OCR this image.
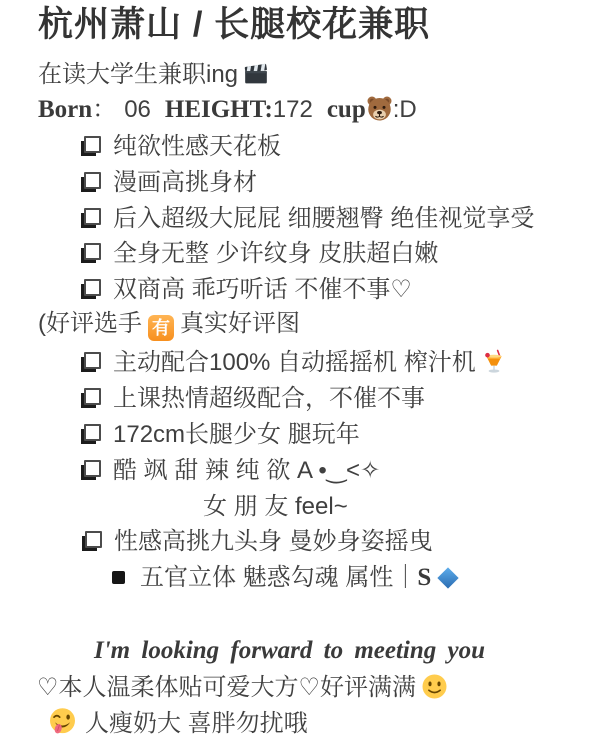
杭州萧山 / 长腿校花兼职
在读大学生兼职ing
Born： 06 HEIGHT:172 cup :D
纯欲性感天花板
漫画高挑身材
后入超级大屁屁 细腰翘臀 绝佳视觉享受
全身无整 少许纹身 皮肤超白嫩
双商高 乖巧听话 不催不事♡
(好评选手 有 真实好评图
主动配合100% 自动摇摇机 榨汁机
上课热情超级配合，不催不事
172cm长腿少女 腿玩年
酷 飒 甜 辣 纯 欲 A •‿˂✧
女 朋 友 feel~
性感高挑九头身 曼妙身姿摇曳
五官立体 魅惑勾魂 属性｜S
I'm looking forward to meeting you
♡本人温柔体贴可爱大方♡好评满满
人瘦奶大 喜胖勿扰哦
